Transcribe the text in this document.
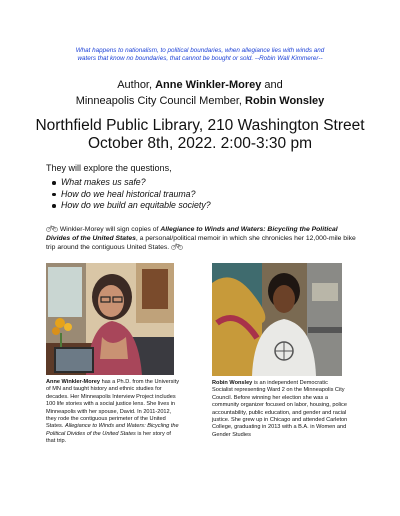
What happens to nationalism, to political boundaries, when allegiance lies with winds and
waters that know no boundaries, that cannot be bought or sold. --Robin Wall Kimmerer--
Author, Anne Winkler-Morey and
Minneapolis City Council Member, Robin Wonsley
Northfield Public Library, 210 Washington Street
October 8th, 2022. 2:00-3:30 pm
They will explore the questions,
What makes us safe?
How do we heal historical trauma?
How do we build an equitable society?
Winkler-Morey will sign copies of Allegiance to Winds and Waters: Bicycling the Political Divides of the United States, a personal/political memoir in which she chronicles her 12,000-mile bike trip around the contiguous United States.
Anne Winkler-Morey has a Ph.D. from the University of MN and taught history and ethnic studies for decades. Her Minneapolis Interview Project includes 100 life stories with a social justice lens. She lives in Minneapolis with her spouse, David. In 2011-2012, they rode the contiguous perimeter of the United States. Allegiance to Winds and Waters: Bicycling the Political Divides of the United States is her story of that trip.
Robin Wonsley is an independent Democratic Socialist representing Ward 2 on the Minneapolis City Council. Before winning her election she was a community organizer focused on labor, housing, police accountability, public education, and gender and racial justice. She grew up in Chicago and attended Carleton College, graduating in 2013 with a B.A. in Women and Gender Studies
